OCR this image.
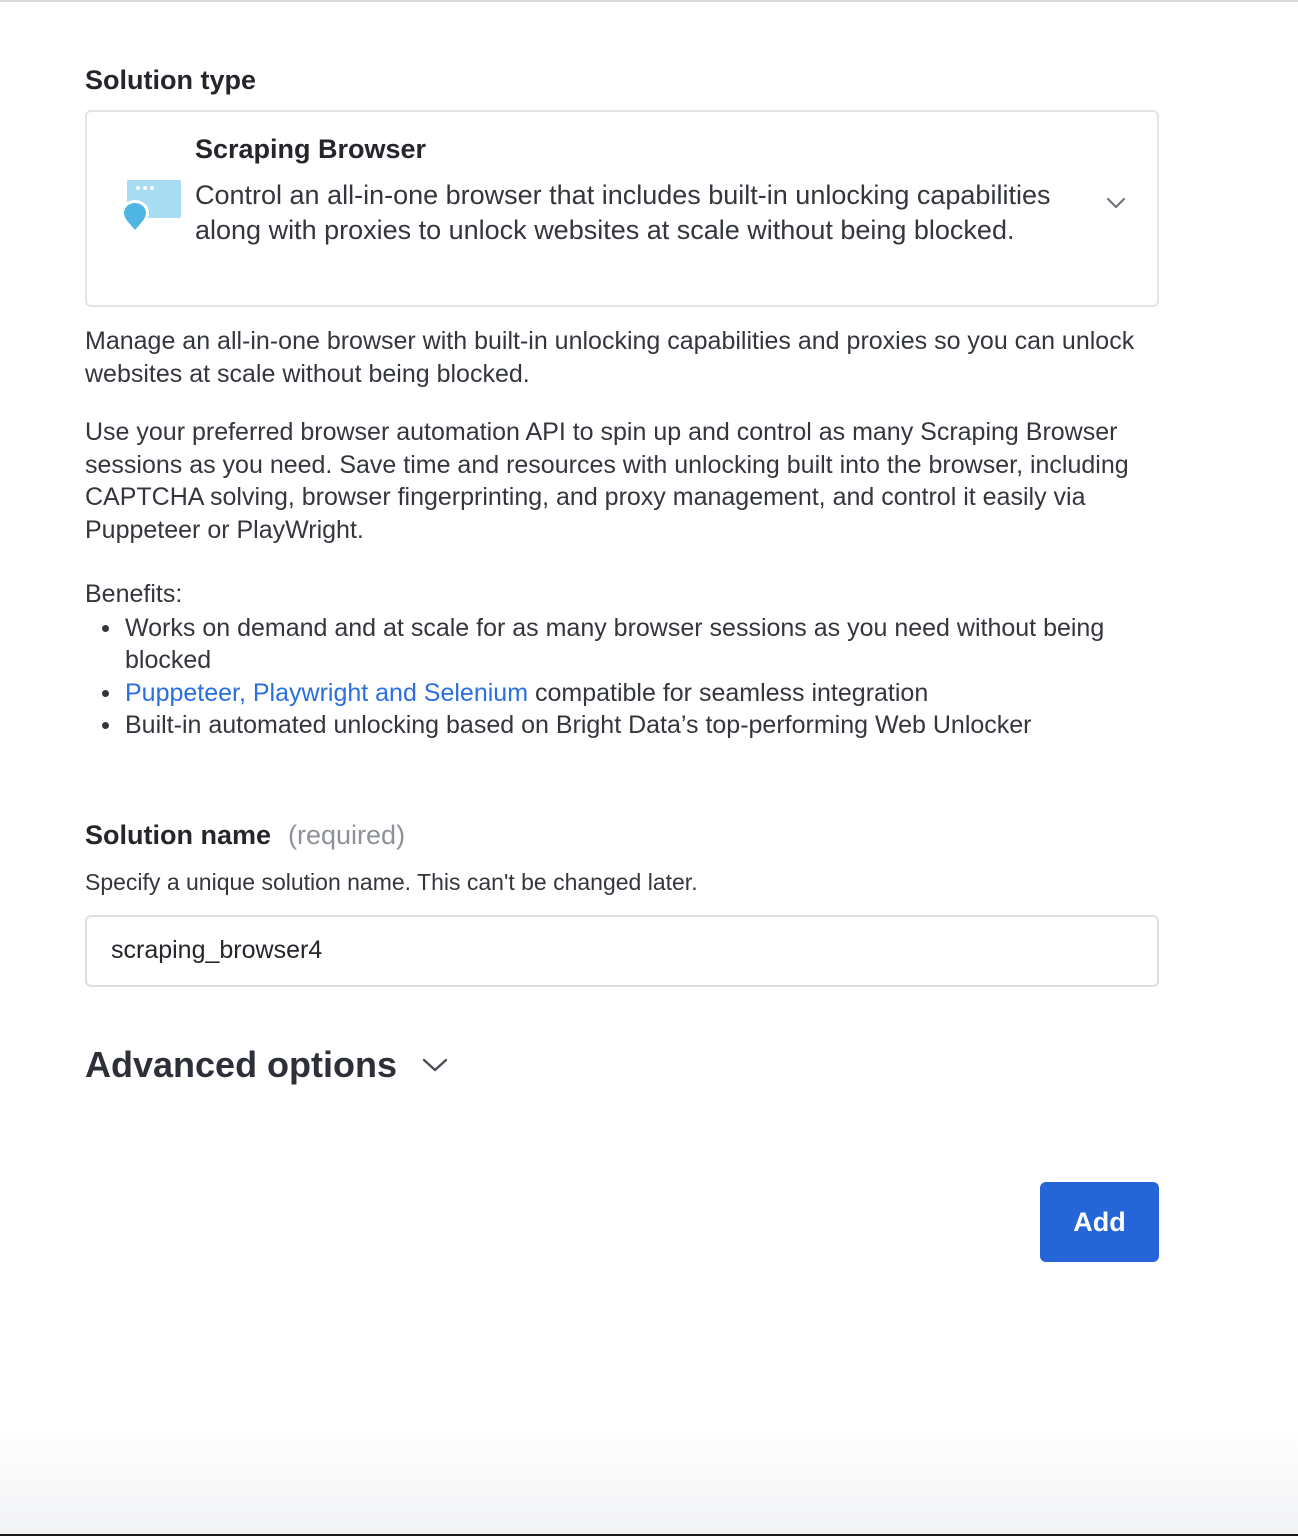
Solution type
Scraping Browser
Control an all-in-one browser that includes built-in unlocking capabilities along with proxies to unlock websites at scale without being blocked.

Manage an all-in-one browser with built-in unlocking capabilities and proxies so you can unlock websites at scale without being blocked.

Use your preferred browser automation API to spin up and control as many Scraping Browser sessions as you need. Save time and resources with unlocking built into the browser, including CAPTCHA solving, browser fingerprinting, and proxy management, and control it easily via Puppeteer or PlayWright.

Benefits:

Works on demand and at scale for as many browser sessions as you need without being blocked
Puppeteer, Playwright and Selenium compatible for seamless integration
Built-in automated unlocking based on Bright Data’s top-performing Web Unlocker
Solution name (required)
Specify a unique solution name. This can't be changed later.
scraping_browser4
Advanced options
Add
